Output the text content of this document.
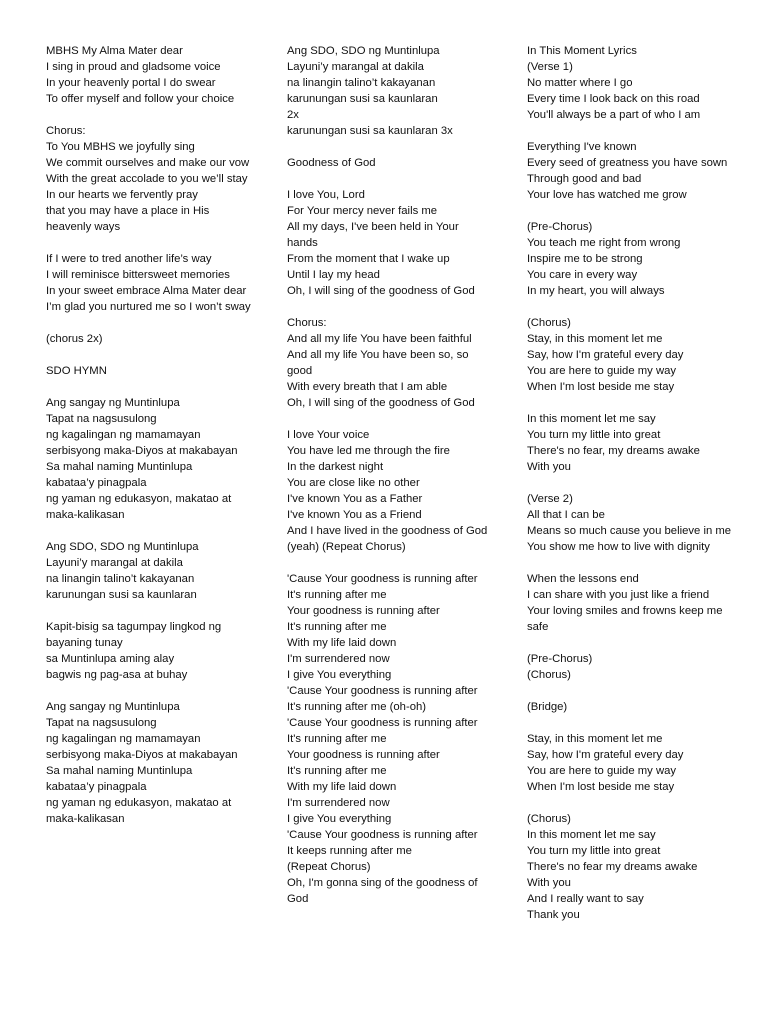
MBHS My Alma Mater dear
I sing in proud and gladsome voice
In your heavenly portal I do swear
To offer myself and follow your choice
Chorus:
To You MBHS we joyfully sing
We commit ourselves and make our vow
With the great accolade to you we’ll stay
In our hearts we fervently pray
that you may have a place in His heavenly ways
If I were to tred another life’s way
I will reminisce bittersweet memories
In your sweet embrace Alma Mater dear
I’m glad you nurtured me so I won’t sway
(chorus 2x)
SDO HYMN
Ang sangay ng Muntinlupa
Tapat na nagsusulong
ng kagalingan ng mamamayan
serbisyong maka-Diyos at makabayan
Sa mahal naming Muntinlupa
kabataa’y pinagpala
ng yaman ng edukasyon, makatao at maka-kalikasan
Ang SDO, SDO ng Muntinlupa
Layuni’y marangal at dakila
na linangin talino’t kakayanan
karunungan susi sa kaunlaran
Kapit-bisig sa tagumpay lingkod ng bayaning tunay
sa Muntinlupa aming alay
bagwis ng pag-asa at buhay
Ang sangay ng Muntinlupa
Tapat na nagsusulong
ng kagalingan ng mamamayan
serbisyong maka-Diyos at makabayan
Sa mahal naming Muntinlupa
kabataa’y pinagpala
ng yaman ng edukasyon, makatao at maka-kalikasan
Ang SDO, SDO ng Muntinlupa
Layuni’y marangal at dakila
na linangin talino’t kakayanan
karunungan susi sa kaunlaran
2x
karunungan susi sa kaunlaran 3x
Goodness of God
I love You, Lord
For Your mercy never fails me
All my days, I've been held in Your hands
From the moment that I wake up
Until I lay my head
Oh, I will sing of the goodness of God
Chorus:
And all my life You have been faithful
And all my life You have been so, so good
With every breath that I am able
Oh, I will sing of the goodness of God
I love Your voice
You have led me through the fire
In the darkest night
You are close like no other
I've known You as a Father
I've known You as a Friend
And I have lived in the goodness of God (yeah) (Repeat Chorus)
'Cause Your goodness is running after
It's running after me
Your goodness is running after
It's running after me
With my life laid down
I'm surrendered now
I give You everything
'Cause Your goodness is running after
It's running after me (oh-oh)
'Cause Your goodness is running after
It's running after me
Your goodness is running after
It's running after me
With my life laid down
I'm surrendered now
I give You everything
'Cause Your goodness is running after
It keeps running after me
(Repeat Chorus)
Oh, I'm gonna sing of the goodness of God
In This Moment Lyrics
(Verse 1)
No matter where I go
Every time I look back on this road
You'll always be a part of who I am
Everything I've known
Every seed of greatness you have sown
Through good and bad
Your love has watched me grow
(Pre-Chorus)
You teach me right from wrong
Inspire me to be strong
You care in every way
In my heart, you will always
(Chorus)
Stay, in this moment let me
Say, how I'm grateful every day
You are here to guide my way
When I'm lost beside me stay
In this moment let me say
You turn my little into great
There's no fear, my dreams awake
With you
(Verse 2)
All that I can be
Means so much cause you believe in me
You show me how to live with dignity
When the lessons end
I can share with you just like a friend
Your loving smiles and frowns keep me safe
(Pre-Chorus)
(Chorus)
(Bridge)
Stay, in this moment let me
Say, how I'm grateful every day
You are here to guide my way
When I'm lost beside me stay
(Chorus)
In this moment let me say
You turn my little into great
There's no fear my dreams awake
With you
And I really want to say
Thank you
